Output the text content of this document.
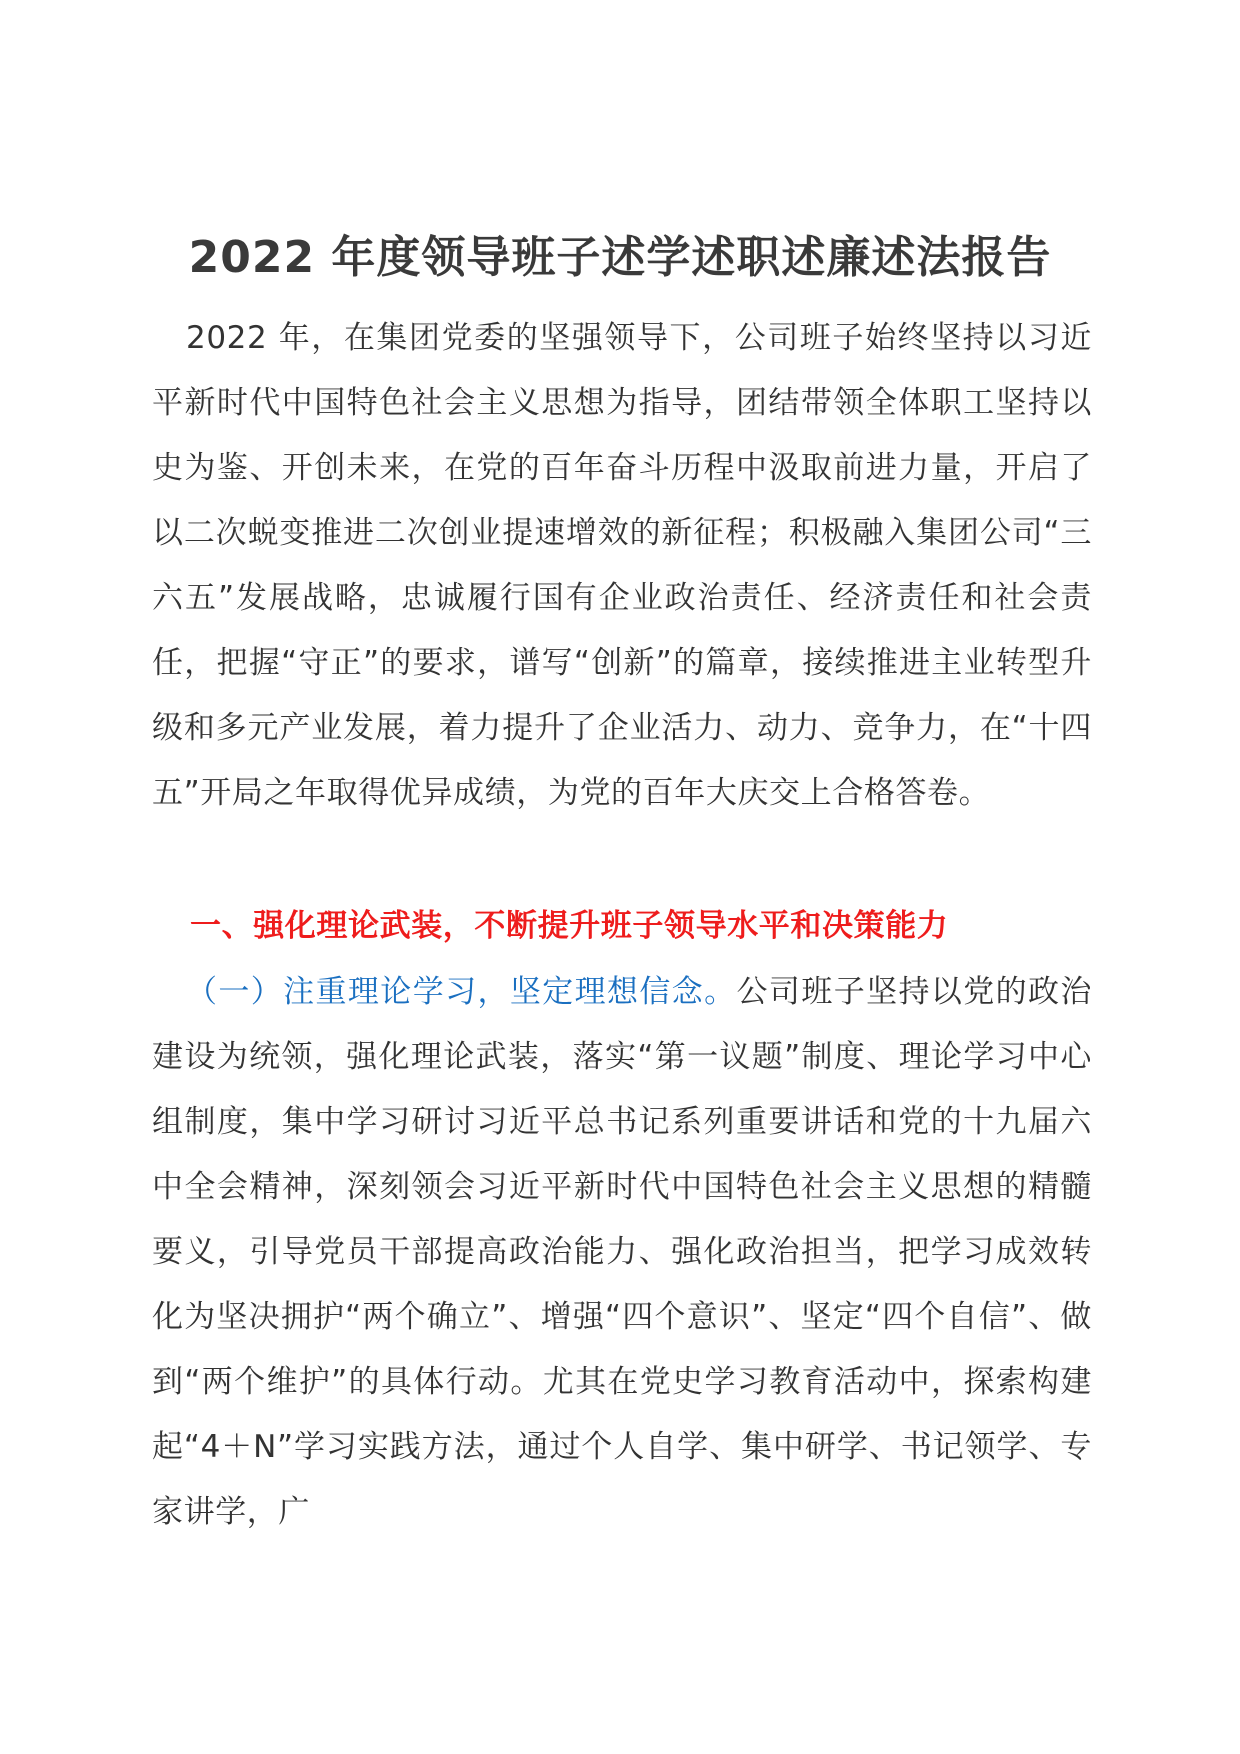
2022 年度领导班子述学述职述廉述法报告

2022 年，在集团党委的坚强领导下，公司班子始终坚持以习近平新时代中国特色社会主义思想为指导，团结带领全体职工坚持以史为鉴、开创未来，在党的百年奋斗历程中汲取前进力量，开启了以二次蜕变推进二次创业提速增效的新征程；积极融入集团公司“三六五”发展战略，忠诚履行国有企业政治责任、经济责任和社会责任，把握“守正”的要求，谱写“创新”的篇章，接续推进主业转型升级和多元产业发展，着力提升了企业活力、动力、竞争力，在“十四五”开局之年取得优异成绩，为党的百年大庆交上合格答卷。

一、强化理论武装，不断提升班子领导水平和决策能力

（一）注重理论学习，坚定理想信念。公司班子坚持以党的政治建设为统领，强化理论武装，落实“第一议题”制度、理论学习中心组制度，集中学习研讨习近平总书记系列重要讲话和党的十九届六中全会精神，深刻领会习近平新时代中国特色社会主义思想的精髓要义，引导党员干部提高政治能力、强化政治担当，把学习成效转化为坚决拥护“两个确立”、增强“四个意识”、坚定“四个自信”、做到“两个维护”的具体行动。尤其在党史学习教育活动中，探索构建起“4＋N”学习实践方法，通过个人自学、集中研学、书记领学、专家讲学，广
